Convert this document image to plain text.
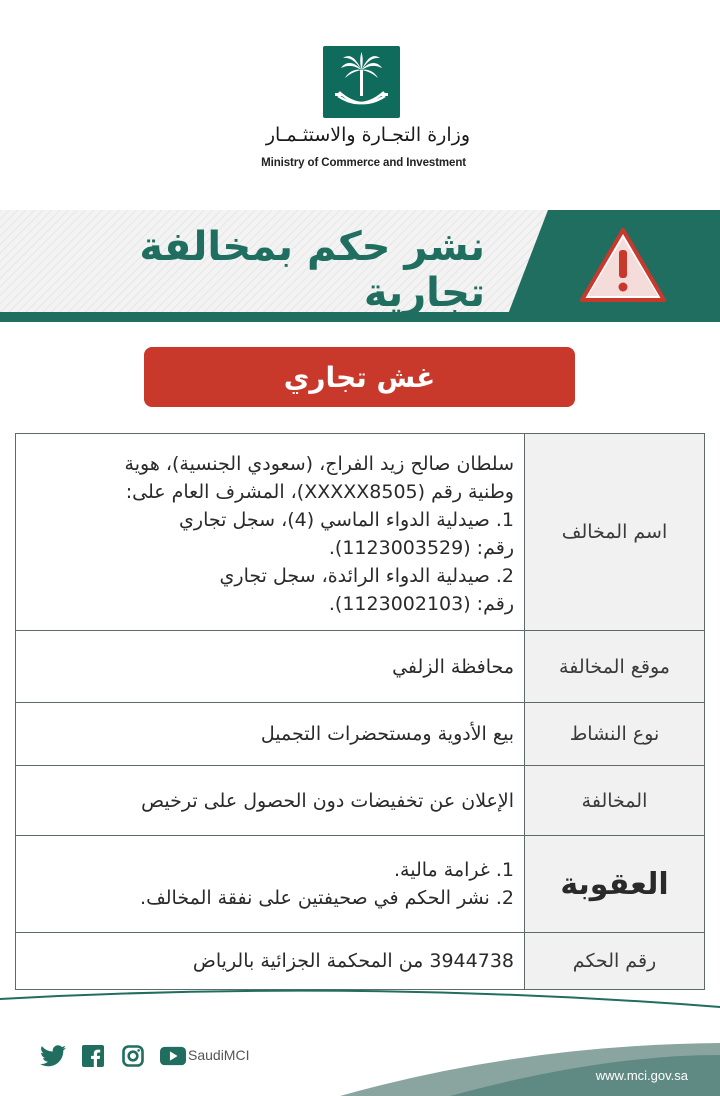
وزارة التجـارة والاستثـمـار
Ministry of Commerce and Investment
نشر حكم بمخالفة تجارية
غش تجاري
اسم المخالف
سلطان صالح زيد الفراج، (سعودي الجنسية)، هوية
وطنية رقم (XXXXX8505)، المشرف العام على:
1. صيدلية الدواء الماسي (4)، سجل تجاري
رقم: (1123003529).
2. صيدلية الدواء الرائدة، سجل تجاري
رقم: (1123002103).
موقع المخالفة
محافظة الزلفي
نوع النشاط
بيع الأدوية ومستحضرات التجميل
المخالفة
الإعلان عن تخفيضات دون الحصول على ترخيص
العقوبة
1. غرامة مالية.
2. نشر الحكم في صحيفتين على نفقة المخالف.
رقم الحكم
3944738 من المحكمة الجزائية بالرياض
SaudiMCI
www.mci.gov.sa
